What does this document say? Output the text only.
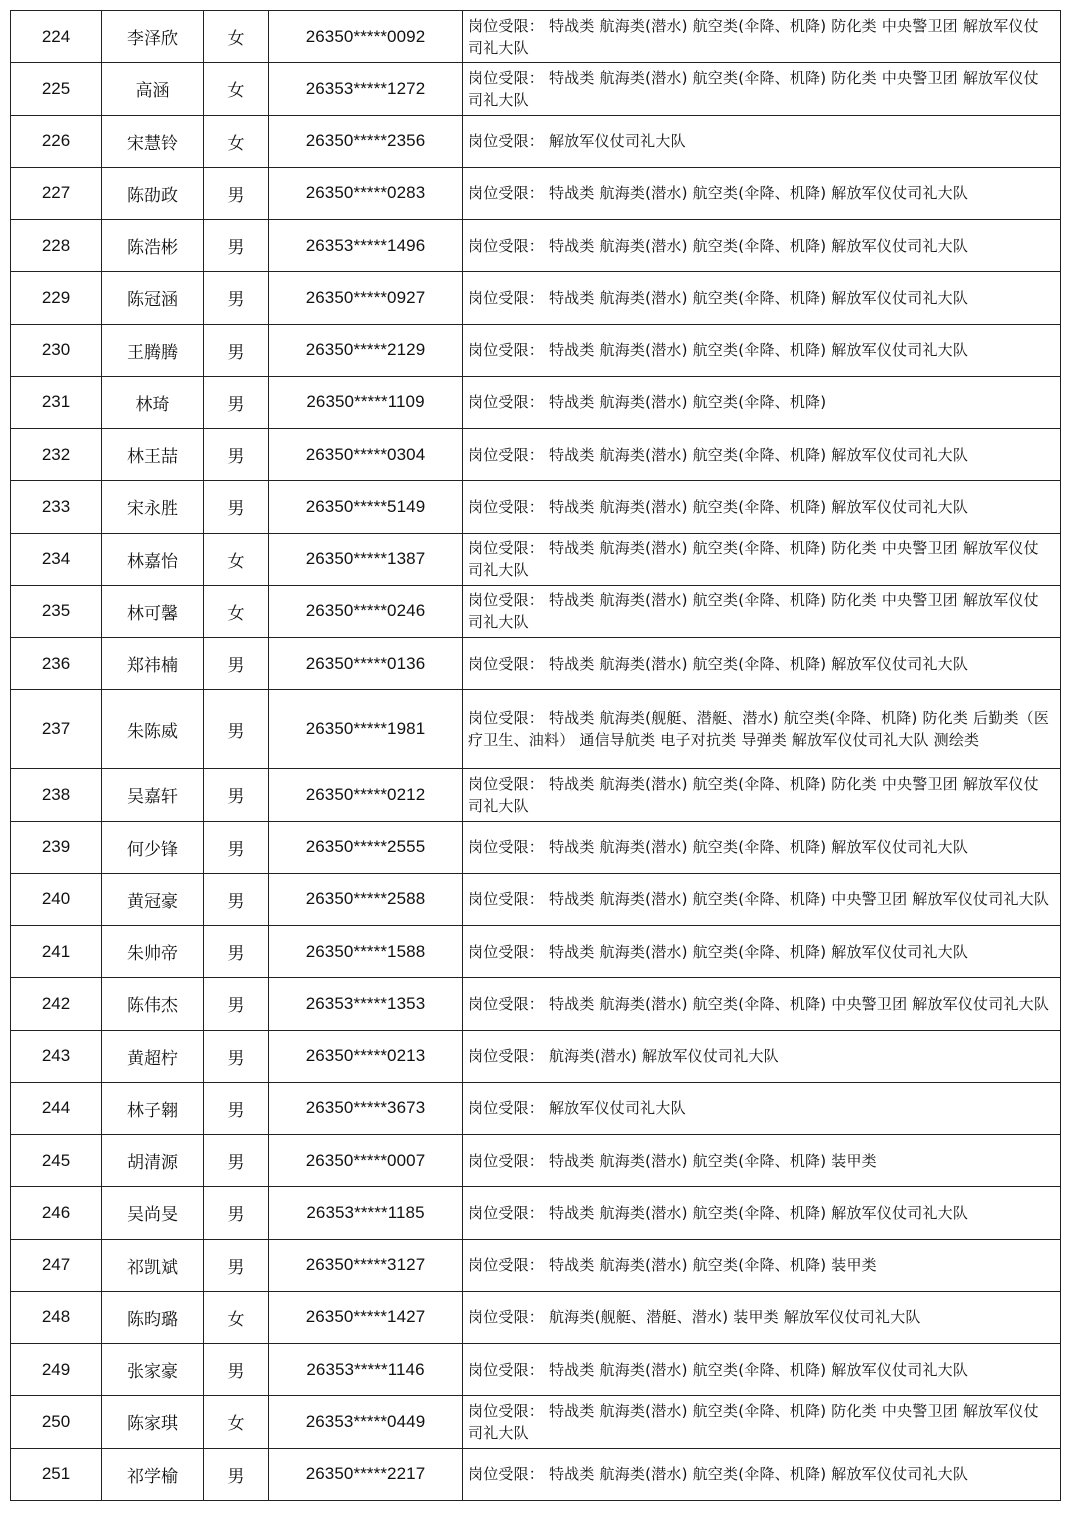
224	李泽欣	女	26350*****0092	岗位受限： 特战类 航海类(潜水) 航空类(伞降、机降) 防化类 中央警卫团 解放军仪仗司礼大队
225	高涵	女	26353*****1272	岗位受限： 特战类 航海类(潜水) 航空类(伞降、机降) 防化类 中央警卫团 解放军仪仗司礼大队
226	宋慧铃	女	26350*****2356	岗位受限： 解放军仪仗司礼大队
227	陈劭政	男	26350*****0283	岗位受限： 特战类 航海类(潜水) 航空类(伞降、机降) 解放军仪仗司礼大队
228	陈浩彬	男	26353*****1496	岗位受限： 特战类 航海类(潜水) 航空类(伞降、机降) 解放军仪仗司礼大队
229	陈冠涵	男	26350*****0927	岗位受限： 特战类 航海类(潜水) 航空类(伞降、机降) 解放军仪仗司礼大队
230	王腾腾	男	26350*****2129	岗位受限： 特战类 航海类(潜水) 航空类(伞降、机降) 解放军仪仗司礼大队
231	林琦	男	26350*****1109	岗位受限： 特战类 航海类(潜水) 航空类(伞降、机降)
232	林王喆	男	26350*****0304	岗位受限： 特战类 航海类(潜水) 航空类(伞降、机降) 解放军仪仗司礼大队
233	宋永胜	男	26350*****5149	岗位受限： 特战类 航海类(潜水) 航空类(伞降、机降) 解放军仪仗司礼大队
234	林嘉怡	女	26350*****1387	岗位受限： 特战类 航海类(潜水) 航空类(伞降、机降) 防化类 中央警卫团 解放军仪仗司礼大队
235	林可馨	女	26350*****0246	岗位受限： 特战类 航海类(潜水) 航空类(伞降、机降) 防化类 中央警卫团 解放军仪仗司礼大队
236	郑祎楠	男	26350*****0136	岗位受限： 特战类 航海类(潜水) 航空类(伞降、机降) 解放军仪仗司礼大队
237	朱陈威	男	26350*****1981	岗位受限： 特战类 航海类(舰艇、潜艇、潜水) 航空类(伞降、机降) 防化类 后勤类（医疗卫生、油料） 通信导航类 电子对抗类 导弹类 解放军仪仗司礼大队 测绘类
238	吴嘉轩	男	26350*****0212	岗位受限： 特战类 航海类(潜水) 航空类(伞降、机降) 防化类 中央警卫团 解放军仪仗司礼大队
239	何少锋	男	26350*****2555	岗位受限： 特战类 航海类(潜水) 航空类(伞降、机降) 解放军仪仗司礼大队
240	黄冠豪	男	26350*****2588	岗位受限： 特战类 航海类(潜水) 航空类(伞降、机降) 中央警卫团 解放军仪仗司礼大队
241	朱帅帝	男	26350*****1588	岗位受限： 特战类 航海类(潜水) 航空类(伞降、机降) 解放军仪仗司礼大队
242	陈伟杰	男	26353*****1353	岗位受限： 特战类 航海类(潜水) 航空类(伞降、机降) 中央警卫团 解放军仪仗司礼大队
243	黄超柠	男	26350*****0213	岗位受限： 航海类(潜水) 解放军仪仗司礼大队
244	林子翱	男	26350*****3673	岗位受限： 解放军仪仗司礼大队
245	胡清源	男	26350*****0007	岗位受限： 特战类 航海类(潜水) 航空类(伞降、机降) 装甲类
246	吴尚旻	男	26353*****1185	岗位受限： 特战类 航海类(潜水) 航空类(伞降、机降) 解放军仪仗司礼大队
247	祁凯斌	男	26350*****3127	岗位受限： 特战类 航海类(潜水) 航空类(伞降、机降) 装甲类
248	陈昀璐	女	26350*****1427	岗位受限： 航海类(舰艇、潜艇、潜水) 装甲类 解放军仪仗司礼大队
249	张家豪	男	26353*****1146	岗位受限： 特战类 航海类(潜水) 航空类(伞降、机降) 解放军仪仗司礼大队
250	陈家琪	女	26353*****0449	岗位受限： 特战类 航海类(潜水) 航空类(伞降、机降) 防化类 中央警卫团 解放军仪仗司礼大队
251	祁学榆	男	26350*****2217	岗位受限： 特战类 航海类(潜水) 航空类(伞降、机降) 解放军仪仗司礼大队
